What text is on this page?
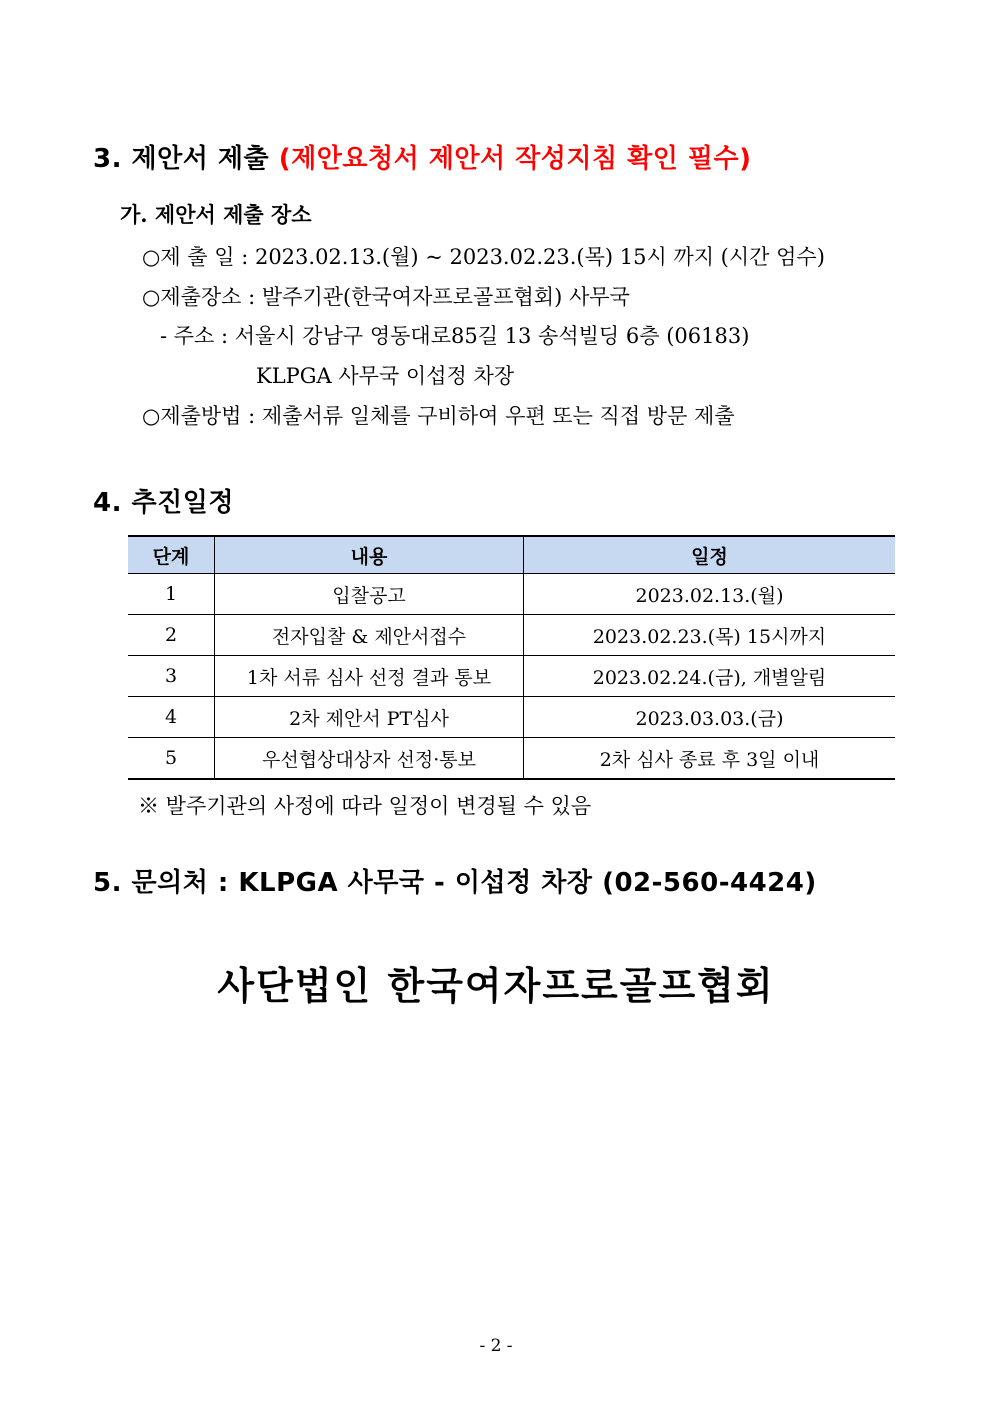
3. 제안서 제출 (제안요청서 제안서 작성지침 확인 필수)
가. 제안서 제출 장소
○제 출 일 : 2023.02.13.(월) ~ 2023.02.23.(목) 15시 까지 (시간 엄수)
○제출장소 : 발주기관(한국여자프로골프협회) 사무국
- 주소 : 서울시 강남구 영동대로85길 13 송석빌딩 6층 (06183)
KLPGA 사무국 이섭정 차장
○제출방법 : 제출서류 일체를 구비하여 우편 또는 직접 방문 제출
4. 추진일정
단계	내용	일정
1	입찰공고	2023.02.13.(월)
2	전자입찰 & 제안서접수	2023.02.23.(목) 15시까지
3	1차 서류 심사 선정 결과 통보	2023.02.24.(금), 개별알림
4	2차 제안서 PT심사	2023.03.03.(금)
5	우선협상대상자 선정·통보	2차 심사 종료 후 3일 이내
※ 발주기관의 사정에 따라 일정이 변경될 수 있음
5. 문의처 : KLPGA 사무국 - 이섭정 차장 (02-560-4424)
사단법인 한국여자프로골프협회
- 2 -
